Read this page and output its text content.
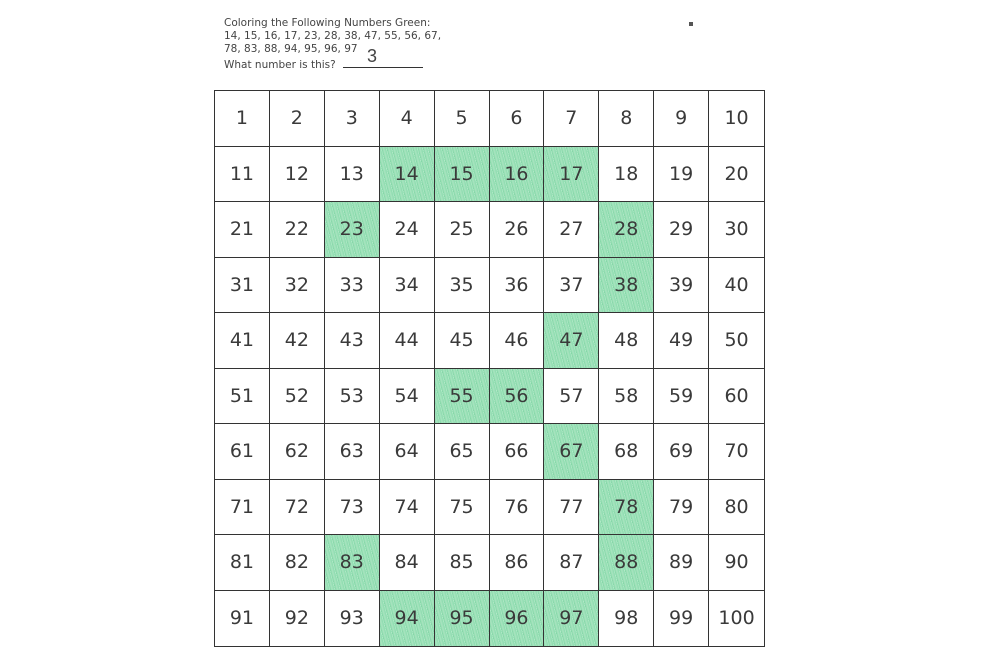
Coloring the Following Numbers Green:
14, 15, 16, 17, 23, 28, 38, 47, 55, 56, 67,
78, 83, 88, 94, 95, 96, 97
What number is this? 3
1	2	3	4	5	6	7	8	9	10
11	12	13	14	15	16	17	18	19	20
21	22	23	24	25	26	27	28	29	30
31	32	33	34	35	36	37	38	39	40
41	42	43	44	45	46	47	48	49	50
51	52	53	54	55	56	57	58	59	60
61	62	63	64	65	66	67	68	69	70
71	72	73	74	75	76	77	78	79	80
81	82	83	84	85	86	87	88	89	90
91	92	93	94	95	96	97	98	99	100
